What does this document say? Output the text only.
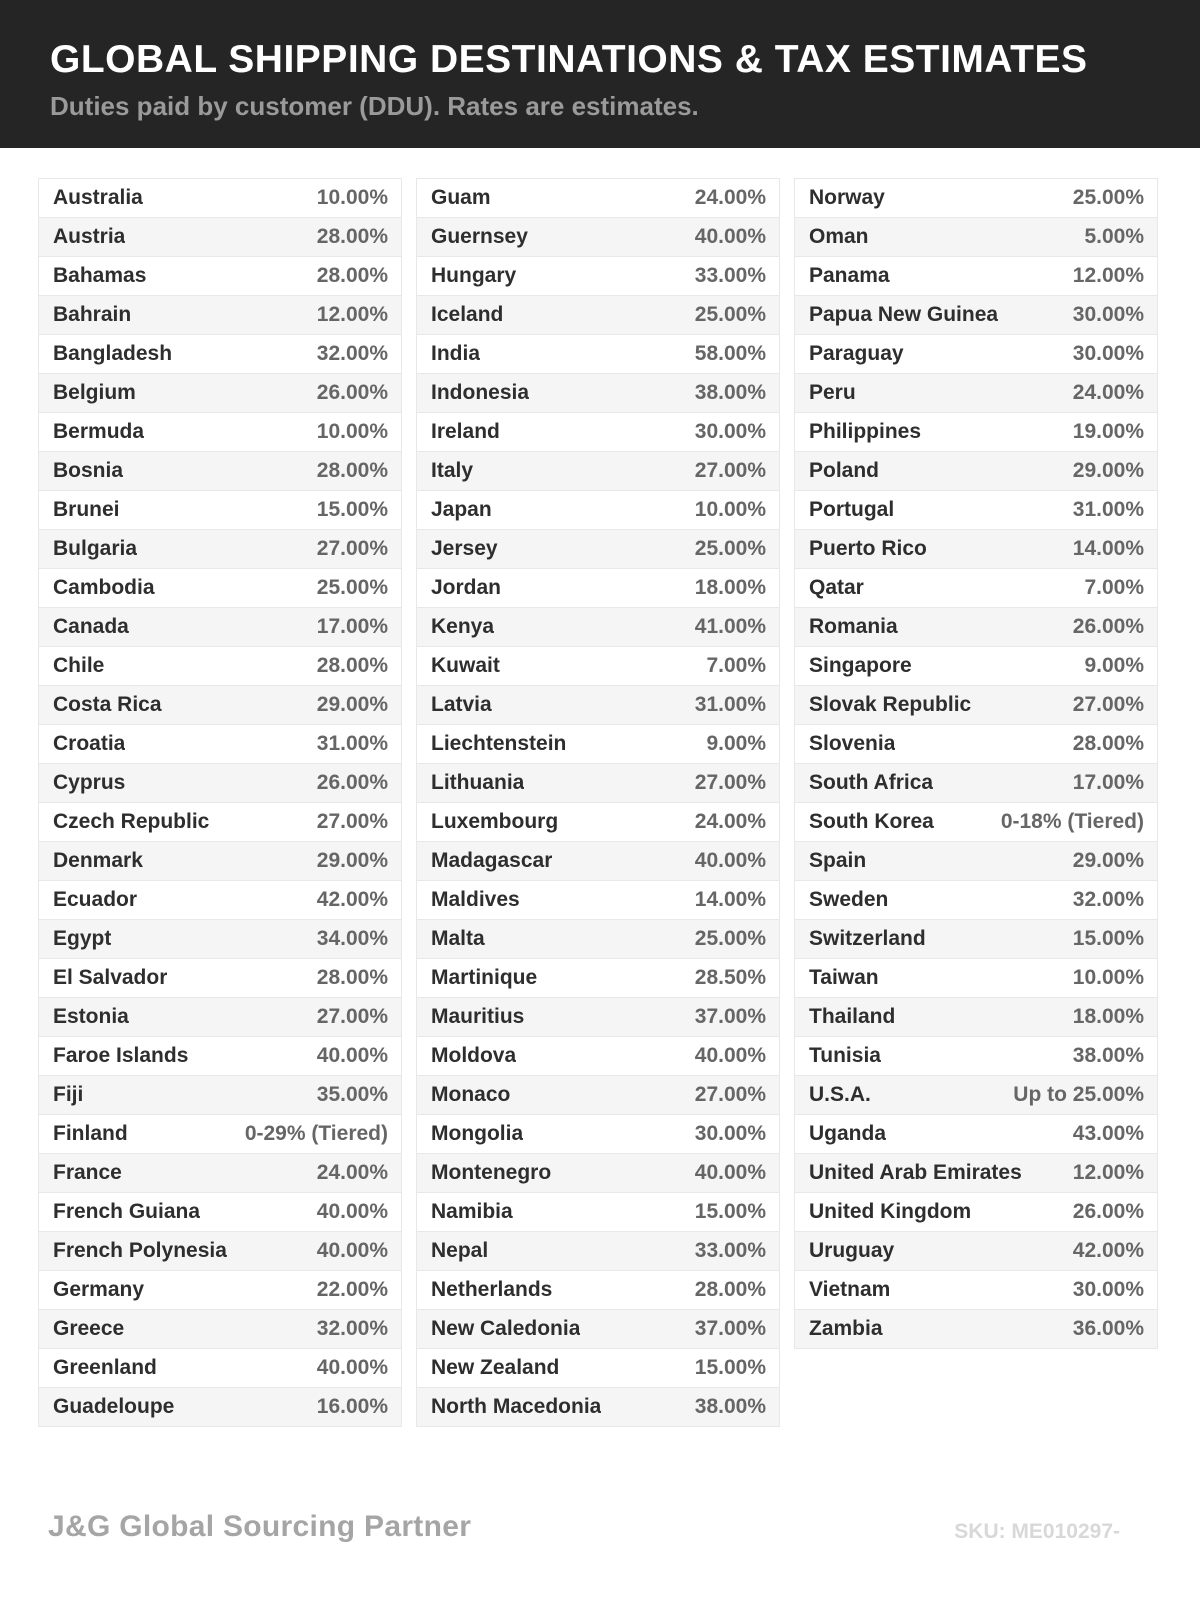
GLOBAL SHIPPING DESTINATIONS & TAX ESTIMATES

Duties paid by customer (DDU). Rates are estimates.

Australia	10.00%
Austria	28.00%
Bahamas	28.00%
Bahrain	12.00%
Bangladesh	32.00%
Belgium	26.00%
Bermuda	10.00%
Bosnia	28.00%
Brunei	15.00%
Bulgaria	27.00%
Cambodia	25.00%
Canada	17.00%
Chile	28.00%
Costa Rica	29.00%
Croatia	31.00%
Cyprus	26.00%
Czech Republic	27.00%
Denmark	29.00%
Ecuador	42.00%
Egypt	34.00%
El Salvador	28.00%
Estonia	27.00%
Faroe Islands	40.00%
Fiji	35.00%
Finland	0-29% (Tiered)
France	24.00%
French Guiana	40.00%
French Polynesia	40.00%
Germany	22.00%
Greece	32.00%
Greenland	40.00%
Guadeloupe	16.00%
Guam	24.00%
Guernsey	40.00%
Hungary	33.00%
Iceland	25.00%
India	58.00%
Indonesia	38.00%
Ireland	30.00%
Italy	27.00%
Japan	10.00%
Jersey	25.00%
Jordan	18.00%
Kenya	41.00%
Kuwait	7.00%
Latvia	31.00%
Liechtenstein	9.00%
Lithuania	27.00%
Luxembourg	24.00%
Madagascar	40.00%
Maldives	14.00%
Malta	25.00%
Martinique	28.50%
Mauritius	37.00%
Moldova	40.00%
Monaco	27.00%
Mongolia	30.00%
Montenegro	40.00%
Namibia	15.00%
Nepal	33.00%
Netherlands	28.00%
New Caledonia	37.00%
New Zealand	15.00%
North Macedonia	38.00%
Norway	25.00%
Oman	5.00%
Panama	12.00%
Papua New Guinea	30.00%
Paraguay	30.00%
Peru	24.00%
Philippines	19.00%
Poland	29.00%
Portugal	31.00%
Puerto Rico	14.00%
Qatar	7.00%
Romania	26.00%
Singapore	9.00%
Slovak Republic	27.00%
Slovenia	28.00%
South Africa	17.00%
South Korea	0-18% (Tiered)
Spain	29.00%
Sweden	32.00%
Switzerland	15.00%
Taiwan	10.00%
Thailand	18.00%
Tunisia	38.00%
U.S.A.	Up to 25.00%
Uganda	43.00%
United Arab Emirates 12.00%
United Kingdom	26.00%
Uruguay	42.00%
Vietnam	30.00%
Zambia	36.00%
J&G Global Sourcing Partner	SKU: ME010297-
